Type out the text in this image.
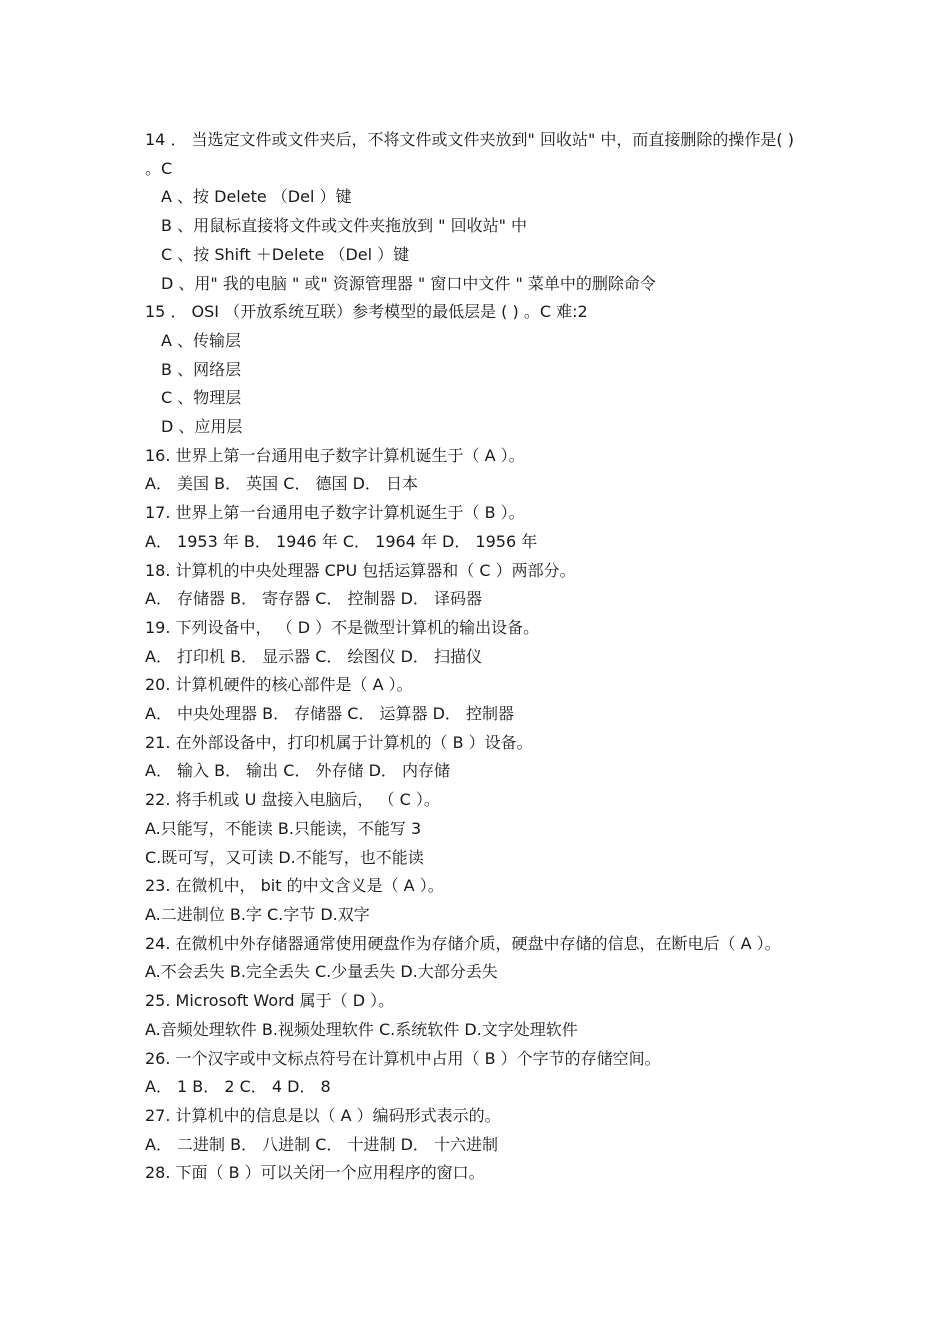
14 ． 当选定文件或文件夹后，不将文件或文件夹放到" 回收站" 中，而直接删除的操作是( ) 。C
A 、按 Delete （Del ）键
B 、用鼠标直接将文件或文件夹拖放到 " 回收站" 中
C 、按 Shift ＋Delete （Del ）键
D 、用" 我的电脑 " 或" 资源管理器 " 窗口中文件 " 菜单中的删除命令
15 ． OSI （开放系统互联）参考模型的最低层是 ( ) 。C 难:2
A 、传输层
B 、网络层
C 、物理层
D 、应用层
16. 世界上第一台通用电子数字计算机诞生于（ A ）。
A． 美国 B． 英国 C． 德国 D． 日本
17. 世界上第一台通用电子数字计算机诞生于（ B ）。
A． 1953 年 B． 1946 年 C． 1964 年 D． 1956 年
18. 计算机的中央处理器 CPU 包括运算器和（ C ）两部分。
A． 存储器 B． 寄存器 C． 控制器 D． 译码器
19. 下列设备中， （ D ）不是微型计算机的输出设备。
A． 打印机 B． 显示器 C． 绘图仪 D． 扫描仪
20. 计算机硬件的核心部件是（ A ）。
A． 中央处理器 B． 存储器 C． 运算器 D． 控制器
21. 在外部设备中，打印机属于计算机的（ B ）设备。
A． 输入 B． 输出 C． 外存储 D． 内存储
22. 将手机或 U 盘接入电脑后， （ C ）。
A.只能写，不能读 B.只能读，不能写 3
C.既可写，又可读 D.不能写，也不能读
23. 在微机中， bit 的中文含义是（ A ）。
A.二进制位 B.字 C.字节 D.双字
24. 在微机中外存储器通常使用硬盘作为存储介质，硬盘中存储的信息，在断电后（ A ）。
A.不会丢失 B.完全丢失 C.少量丢失 D.大部分丢失
25. Microsoft Word 属于（ D ）。
A.音频处理软件 B.视频处理软件 C.系统软件 D.文字处理软件
26. 一个汉字或中文标点符号在计算机中占用（ B ）个字节的存储空间。
A． 1 B． 2 C． 4 D． 8
27. 计算机中的信息是以（ A ）编码形式表示的。
A． 二进制 B． 八进制 C． 十进制 D． 十六进制
28. 下面（ B ）可以关闭一个应用程序的窗口。
